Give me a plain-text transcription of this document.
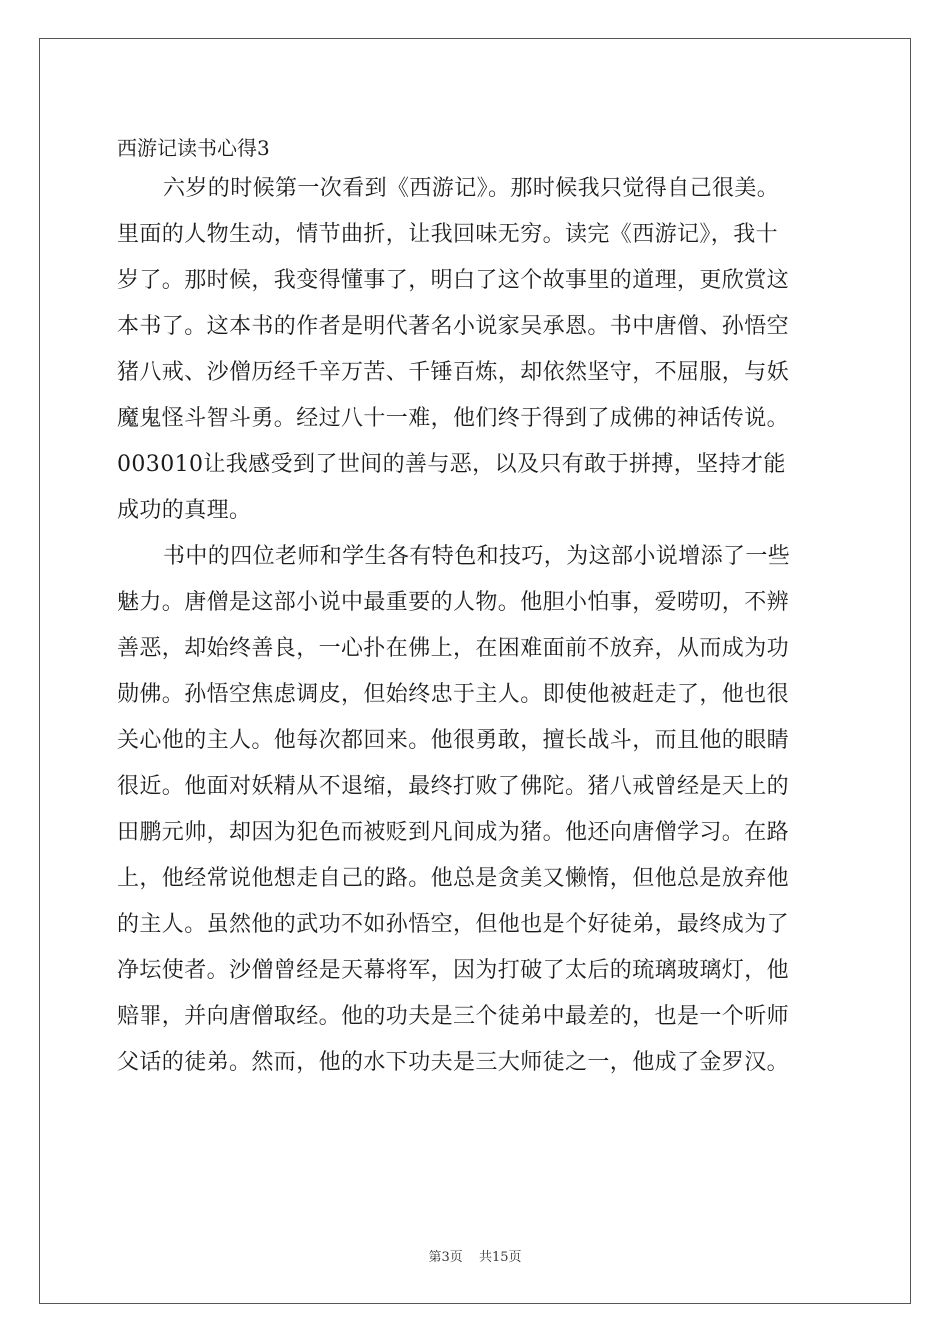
西游记读书心得3
六岁的时候第一次看到《西游记》。那时候我只觉得自己很美。
里面的人物生动，情节曲折，让我回味无穷。读完《西游记》，我十
岁了。那时候，我变得懂事了，明白了这个故事里的道理，更欣赏这
本书了。这本书的作者是明代著名小说家吴承恩。书中唐僧、孙悟空
猪八戒、沙僧历经千辛万苦、千锤百炼，却依然坚守，不屈服，与妖
魔鬼怪斗智斗勇。经过八十一难，他们终于得到了成佛的神话传说。
003010让我感受到了世间的善与恶，以及只有敢于拼搏，坚持才能
成功的真理。
书中的四位老师和学生各有特色和技巧，为这部小说增添了一些
魅力。唐僧是这部小说中最重要的人物。他胆小怕事，爱唠叨，不辨
善恶，却始终善良，一心扑在佛上，在困难面前不放弃，从而成为功
勋佛。孙悟空焦虑调皮，但始终忠于主人。即使他被赶走了，他也很
关心他的主人。他每次都回来。他很勇敢，擅长战斗，而且他的眼睛
很近。他面对妖精从不退缩，最终打败了佛陀。猪八戒曾经是天上的
田鹏元帅，却因为犯色而被贬到凡间成为猪。他还向唐僧学习。在路
上，他经常说他想走自己的路。他总是贪美又懒惰，但他总是放弃他
的主人。虽然他的武功不如孙悟空，但他也是个好徒弟，最终成为了
净坛使者。沙僧曾经是天幕将军，因为打破了太后的琉璃玻璃灯，他
赔罪，并向唐僧取经。他的功夫是三个徒弟中最差的，也是一个听师
父话的徒弟。然而，他的水下功夫是三大师徒之一，他成了金罗汉。
第3页 共15页
